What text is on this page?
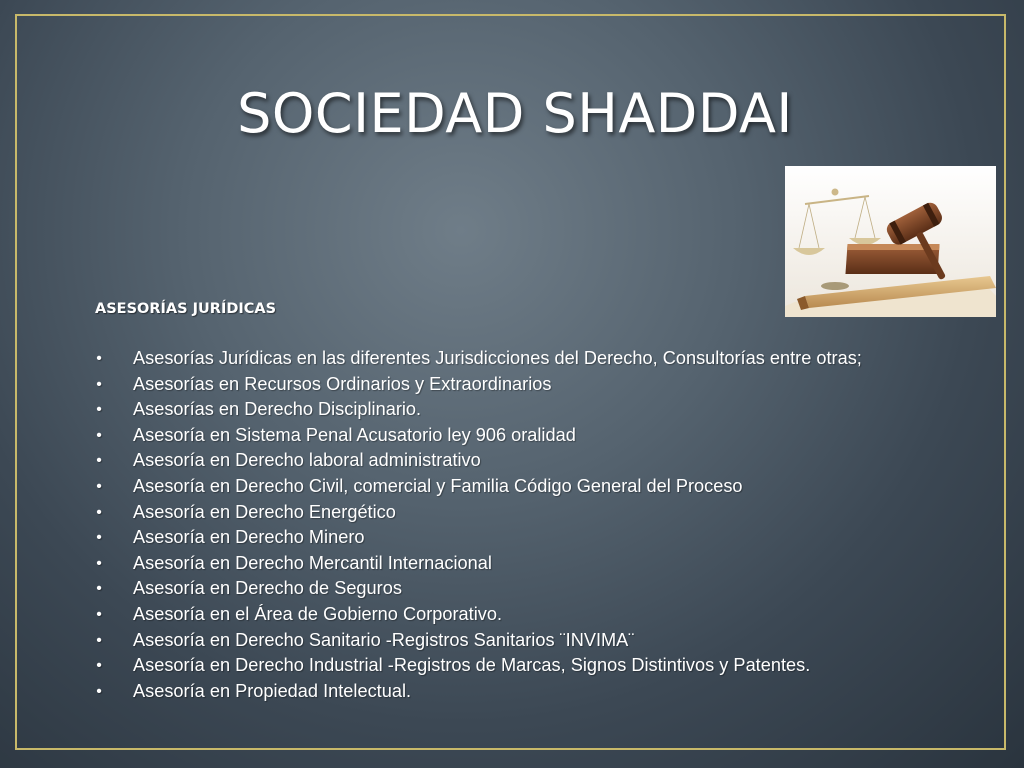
SOCIEDAD SHADDAI
ASESORÍAS JURÍDICAS
• Asesorías Jurídicas en las diferentes Jurisdicciones del Derecho, Consultorías entre otras;
• Asesorías en Recursos Ordinarios y Extraordinarios
• Asesorías en Derecho Disciplinario.
• Asesoría en Sistema Penal Acusatorio ley 906 oralidad
• Asesoría en Derecho laboral administrativo
• Asesoría en Derecho Civil, comercial y Familia Código General del Proceso
• Asesoría en Derecho Energético
• Asesoría en Derecho Minero
• Asesoría en Derecho Mercantil Internacional
• Asesoría en Derecho de Seguros
• Asesoría en el Área de Gobierno Corporativo.
• Asesoría en Derecho Sanitario -Registros Sanitarios ¨INVIMA¨
• Asesoría en Derecho Industrial -Registros de Marcas, Signos Distintivos y Patentes.
• Asesoría en Propiedad Intelectual.
